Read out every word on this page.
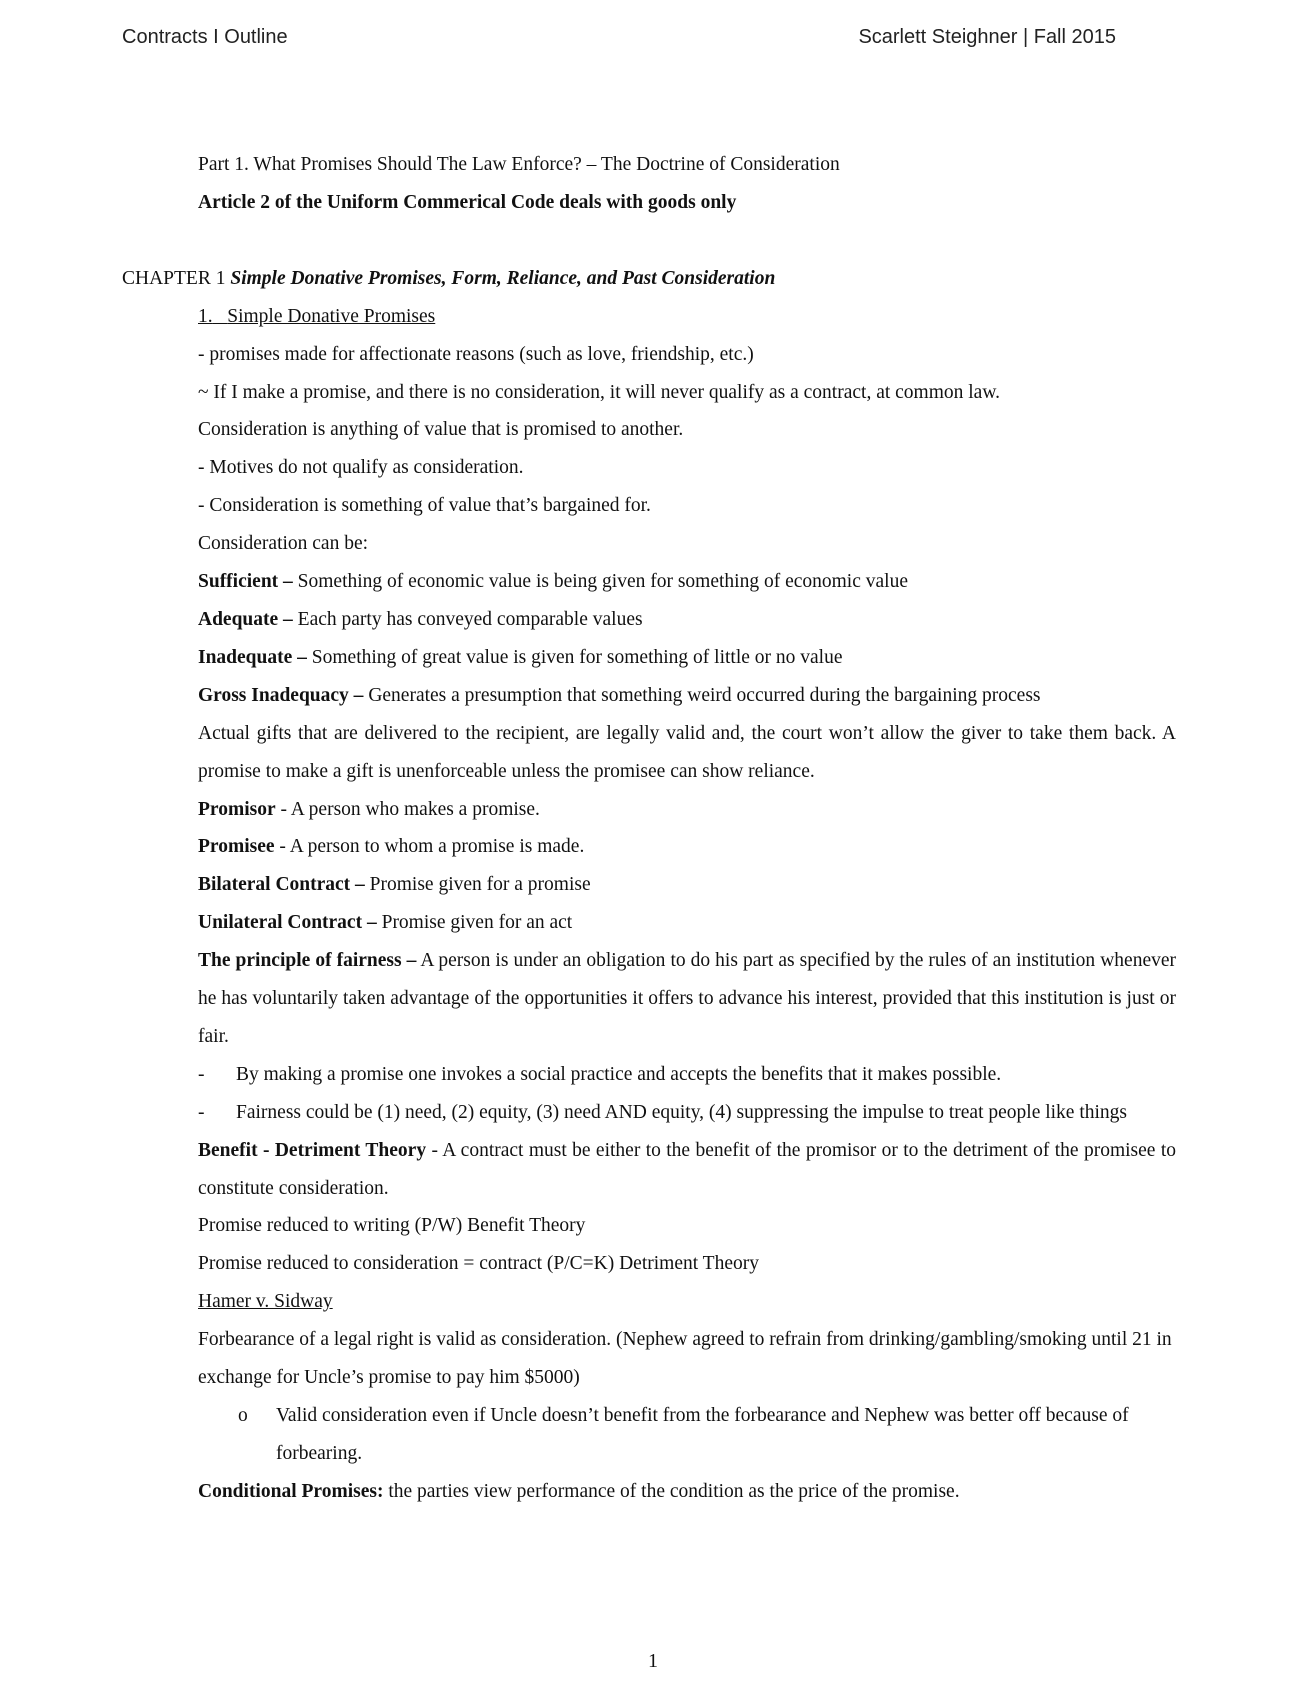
Contracts I Outline	Scarlett Steighner | Fall 2015

Part 1. What Promises Should The Law Enforce? – The Doctrine of Consideration

Article 2 of the Uniform Commerical Code deals with goods only

CHAPTER 1 Simple Donative Promises, Form, Reliance, and Past Consideration

1. Simple Donative Promises

- promises made for affectionate reasons (such as love, friendship, etc.)

~ If I make a promise, and there is no consideration, it will never qualify as a contract, at common law.

Consideration is anything of value that is promised to another.

- Motives do not qualify as consideration.

- Consideration is something of value that’s bargained for.

Consideration can be:

Sufficient – Something of economic value is being given for something of economic value

Adequate – Each party has conveyed comparable values

Inadequate – Something of great value is given for something of little or no value

Gross Inadequacy – Generates a presumption that something weird occurred during the bargaining process

Actual gifts that are delivered to the recipient, are legally valid and, the court won’t allow the giver to take them back. A promise to make a gift is unenforceable unless the promisee can show reliance.

Promisor - A person who makes a promise.

Promisee - A person to whom a promise is made.

Bilateral Contract – Promise given for a promise

Unilateral Contract – Promise given for an act

The principle of fairness – A person is under an obligation to do his part as specified by the rules of an institution whenever he has voluntarily taken advantage of the opportunities it offers to advance his interest, provided that this institution is just or fair.

-	By making a promise one invokes a social practice and accepts the benefits that it makes possible.
-	Fairness could be (1) need, (2) equity, (3) need AND equity, (4) suppressing the impulse to treat people like things

Benefit - Detriment Theory - A contract must be either to the benefit of the promisor or to the detriment of the promisee to constitute consideration.

Promise reduced to writing (P/W) Benefit Theory

Promise reduced to consideration = contract (P/C=K) Detriment Theory

Hamer v. Sidway

Forbearance of a legal right is valid as consideration. (Nephew agreed to refrain from drinking/gambling/smoking until 21 in exchange for Uncle’s promise to pay him $5000)

o	Valid consideration even if Uncle doesn’t benefit from the forbearance and Nephew was better off because of forbearing.

Conditional Promises: the parties view performance of the condition as the price of the promise.

1
